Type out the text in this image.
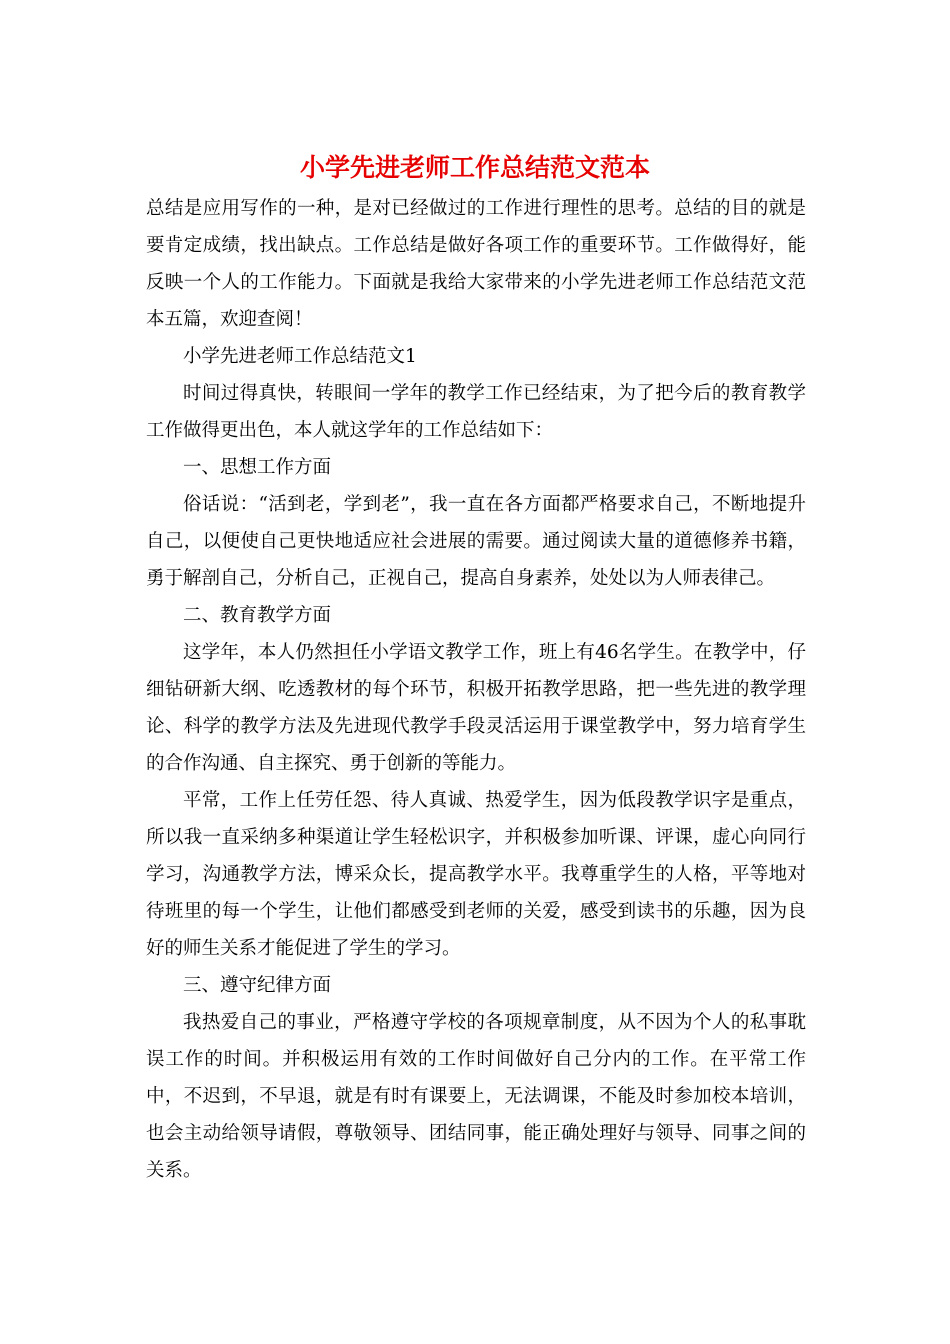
小学先进老师工作总结范文范本

总结是应用写作的一种，是对已经做过的工作进行理性的思考。总结的目的就是要肯定成绩，找出缺点。工作总结是做好各项工作的重要环节。工作做得好，能反映一个人的工作能力。下面就是我给大家带来的小学先进老师工作总结范文范本五篇，欢迎查阅！

小学先进老师工作总结范文1

时间过得真快，转眼间一学年的教学工作已经结束，为了把今后的教育教学工作做得更出色，本人就这学年的工作总结如下：

一、思想工作方面

俗话说：“活到老，学到老”，我一直在各方面都严格要求自己，不断地提升自己，以便使自己更快地适应社会进展的需要。通过阅读大量的道德修养书籍，勇于解剖自己，分析自己，正视自己，提高自身素养，处处以为人师表律己。

二、教育教学方面

这学年，本人仍然担任小学语文教学工作，班上有46名学生。在教学中，仔细钻研新大纲、吃透教材的每个环节，积极开拓教学思路，把一些先进的教学理论、科学的教学方法及先进现代教学手段灵活运用于课堂教学中，努力培育学生的合作沟通、自主探究、勇于创新的等能力。

平常，工作上任劳任怨、待人真诚、热爱学生，因为低段教学识字是重点，所以我一直采纳多种渠道让学生轻松识字，并积极参加听课、评课，虚心向同行学习，沟通教学方法，博采众长，提高教学水平。我尊重学生的人格，平等地对待班里的每一个学生，让他们都感受到老师的关爱，感受到读书的乐趣，因为良好的师生关系才能促进了学生的学习。

三、遵守纪律方面

我热爱自己的事业，严格遵守学校的各项规章制度，从不因为个人的私事耽误工作的时间。并积极运用有效的工作时间做好自己分内的工作。在平常工作中，不迟到，不早退，就是有时有课要上，无法调课，不能及时参加校本培训，也会主动给领导请假，尊敬领导、团结同事，能正确处理好与领导、同事之间的关系。
